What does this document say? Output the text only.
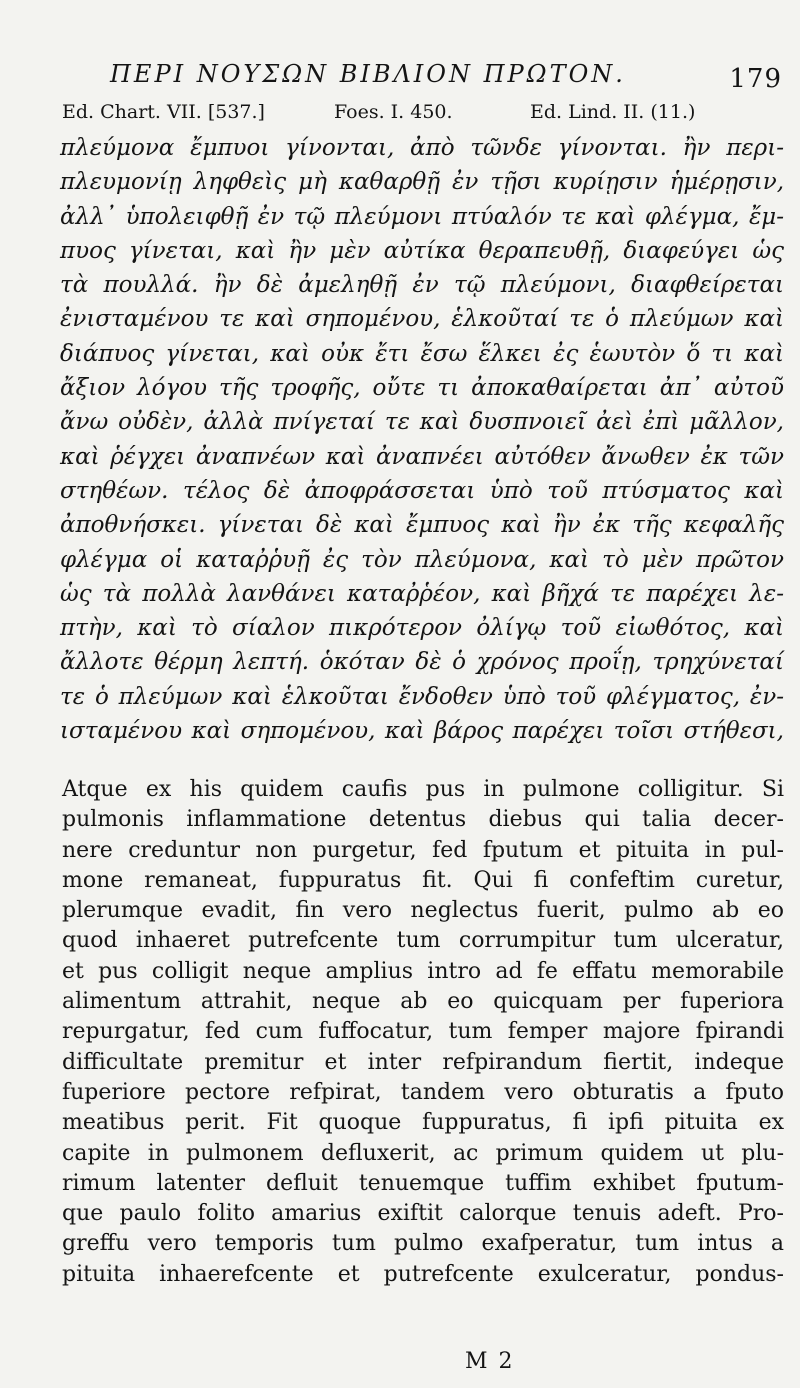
ΠΕΡΙ ΝΟΥΣΩΝ ΒΙΒΛΙΟΝ ΠΡΩΤΟΝ.	179
Ed. Chart. VII. [537.]	Foes. I. 450.	Ed. Lind. II. (11.)
πλεύμονα ἔμπυοι γίνονται, ἀπὸ τῶνδε γίνονται. ἢν περι-
πλευμονίῃ ληφθεὶς μὴ καθαρθῇ ἐν τῇσι κυρίῃσιν ἡμέρῃσιν,
ἀλλ᾿ ὑπολειφθῇ ἐν τῷ πλεύμονι πτύαλόν τε καὶ φλέγμα, ἔμ-
πυος γίνεται, καὶ ἢν μὲν αὐτίκα θεραπευθῇ, διαφεύγει ὡς
τὰ πουλλά. ἢν δὲ ἀμεληθῇ ἐν τῷ πλεύμονι, διαφθείρεται
ἐνισταμένου τε καὶ σηπομένου, ἑλκοῦταί τε ὁ πλεύμων καὶ
διάπυος γίνεται, καὶ οὐκ ἔτι ἔσω ἕλκει ἐς ἑωυτὸν ὅ τι καὶ
ἄξιον λόγου τῆς τροφῆς, οὔτε τι ἀποκαθαίρεται ἀπ᾿ αὐτοῦ
ἄνω οὐδὲν, ἀλλὰ πνίγεταί τε καὶ δυσπνοιεῖ ἀεὶ ἐπὶ μᾶλλον,
καὶ ῥέγχει ἀναπνέων καὶ ἀναπνέει αὐτόθεν ἄνωθεν ἐκ τῶν
στηθέων. τέλος δὲ ἀποφράσσεται ὑπὸ τοῦ πτύσματος καὶ
ἀποθνήσκει. γίνεται δὲ καὶ ἔμπυος καὶ ἢν ἐκ τῆς κεφαλῆς
φλέγμα οἱ καταῤῥυῇ ἐς τὸν πλεύμονα, καὶ τὸ μὲν πρῶτον
ὡς τὰ πολλὰ λανθάνει καταῤῥέον, καὶ βῆχά τε παρέχει λε-
πτὴν, καὶ τὸ σίαλον πικρότερον ὀλίγῳ τοῦ εἰωθότος, καὶ
ἄλλοτε θέρμη λεπτή. ὁκόταν δὲ ὁ χρόνος προΐῃ, τρηχύνεταί
τε ὁ πλεύμων καὶ ἑλκοῦται ἔνδοθεν ὑπὸ τοῦ φλέγματος, ἐν-
ισταμένου καὶ σηπομένου, καὶ βάρος παρέχει τοῖσι στήθεσι,
Atque ex his quidem caufis pus in pulmone colligitur. Si
pulmonis inflammatione detentus diebus qui talia decer-
nere creduntur non purgetur, fed fputum et pituita in pul-
mone remaneat, fuppuratus fit. Qui fi confeftim curetur,
plerumque evadit, fin vero neglectus fuerit, pulmo ab eo
quod inhaeret putrefcente tum corrumpitur tum ulceratur,
et pus colligit neque amplius intro ad fe effatu memorabile
alimentum attrahit, neque ab eo quicquam per fuperiora
repurgatur, fed cum fuffocatur, tum femper majore fpirandi
difficultate premitur et inter refpirandum fiertit, indeque
fuperiore pectore refpirat, tandem vero obturatis a fputo
meatibus perit. Fit quoque fuppuratus, fi ipfi pituita ex
capite in pulmonem defluxerit, ac primum quidem ut plu-
rimum latenter defluit tenuemque tuffim exhibet fputum-
que paulo folito amarius exiftit calorque tenuis adeft. Pro-
greffu vero temporis tum pulmo exafperatur, tum intus a
pituita inhaerefcente et putrefcente exulceratur, pondus-
M 2
